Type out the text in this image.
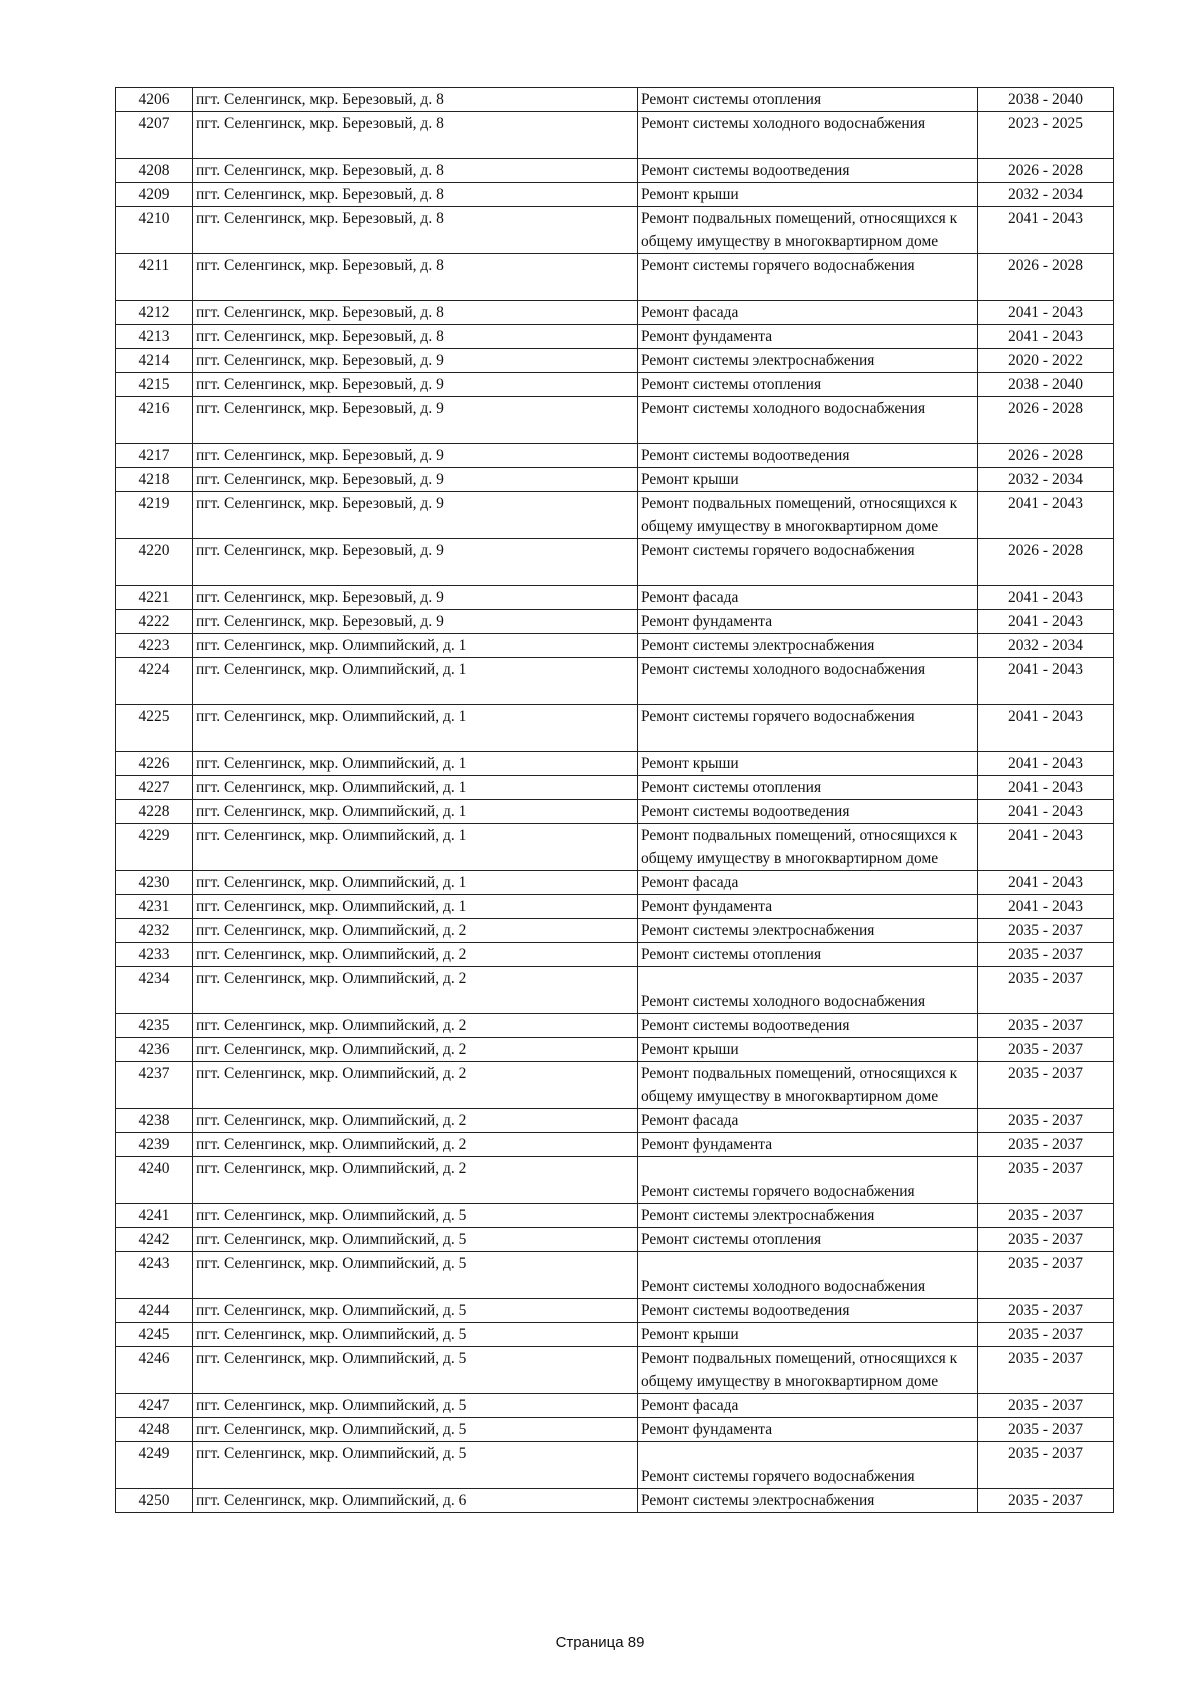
4206	пгт. Селенгинск, мкр. Березовый, д. 8	Ремонт системы отопления	2038 - 2040
4207	пгт. Селенгинск, мкр. Березовый, д. 8	Ремонт системы холодного водоснабжения	2023 - 2025
4208	пгт. Селенгинск, мкр. Березовый, д. 8	Ремонт системы водоотведения	2026 - 2028
4209	пгт. Селенгинск, мкр. Березовый, д. 8	Ремонт крыши	2032 - 2034
4210	пгт. Селенгинск, мкр. Березовый, д. 8	Ремонт подвальных помещений, относящихся к общему имуществу в многоквартирном доме	2041 - 2043
4211	пгт. Селенгинск, мкр. Березовый, д. 8	Ремонт системы горячего водоснабжения	2026 - 2028
4212	пгт. Селенгинск, мкр. Березовый, д. 8	Ремонт фасада	2041 - 2043
4213	пгт. Селенгинск, мкр. Березовый, д. 8	Ремонт фундамента	2041 - 2043
4214	пгт. Селенгинск, мкр. Березовый, д. 9	Ремонт системы электроснабжения	2020 - 2022
4215	пгт. Селенгинск, мкр. Березовый, д. 9	Ремонт системы отопления	2038 - 2040
4216	пгт. Селенгинск, мкр. Березовый, д. 9	Ремонт системы холодного водоснабжения	2026 - 2028
4217	пгт. Селенгинск, мкр. Березовый, д. 9	Ремонт системы водоотведения	2026 - 2028
4218	пгт. Селенгинск, мкр. Березовый, д. 9	Ремонт крыши	2032 - 2034
4219	пгт. Селенгинск, мкр. Березовый, д. 9	Ремонт подвальных помещений, относящихся к общему имуществу в многоквартирном доме	2041 - 2043
4220	пгт. Селенгинск, мкр. Березовый, д. 9	Ремонт системы горячего водоснабжения	2026 - 2028
4221	пгт. Селенгинск, мкр. Березовый, д. 9	Ремонт фасада	2041 - 2043
4222	пгт. Селенгинск, мкр. Березовый, д. 9	Ремонт фундамента	2041 - 2043
4223	пгт. Селенгинск, мкр. Олимпийский, д. 1	Ремонт системы электроснабжения	2032 - 2034
4224	пгт. Селенгинск, мкр. Олимпийский, д. 1	Ремонт системы холодного водоснабжения	2041 - 2043
4225	пгт. Селенгинск, мкр. Олимпийский, д. 1	Ремонт системы горячего водоснабжения	2041 - 2043
4226	пгт. Селенгинск, мкр. Олимпийский, д. 1	Ремонт крыши	2041 - 2043
4227	пгт. Селенгинск, мкр. Олимпийский, д. 1	Ремонт системы отопления	2041 - 2043
4228	пгт. Селенгинск, мкр. Олимпийский, д. 1	Ремонт системы водоотведения	2041 - 2043
4229	пгт. Селенгинск, мкр. Олимпийский, д. 1	Ремонт подвальных помещений, относящихся к общему имуществу в многоквартирном доме	2041 - 2043
4230	пгт. Селенгинск, мкр. Олимпийский, д. 1	Ремонт фасада	2041 - 2043
4231	пгт. Селенгинск, мкр. Олимпийский, д. 1	Ремонт фундамента	2041 - 2043
4232	пгт. Селенгинск, мкр. Олимпийский, д. 2	Ремонт системы электроснабжения	2035 - 2037
4233	пгт. Селенгинск, мкр. Олимпийский, д. 2	Ремонт системы отопления	2035 - 2037
4234	пгт. Селенгинск, мкр. Олимпийский, д. 2	Ремонт системы холодного водоснабжения	2035 - 2037
4235	пгт. Селенгинск, мкр. Олимпийский, д. 2	Ремонт системы водоотведения	2035 - 2037
4236	пгт. Селенгинск, мкр. Олимпийский, д. 2	Ремонт крыши	2035 - 2037
4237	пгт. Селенгинск, мкр. Олимпийский, д. 2	Ремонт подвальных помещений, относящихся к общему имуществу в многоквартирном доме	2035 - 2037
4238	пгт. Селенгинск, мкр. Олимпийский, д. 2	Ремонт фасада	2035 - 2037
4239	пгт. Селенгинск, мкр. Олимпийский, д. 2	Ремонт фундамента	2035 - 2037
4240	пгт. Селенгинск, мкр. Олимпийский, д. 2	Ремонт системы горячего водоснабжения	2035 - 2037
4241	пгт. Селенгинск, мкр. Олимпийский, д. 5	Ремонт системы электроснабжения	2035 - 2037
4242	пгт. Селенгинск, мкр. Олимпийский, д. 5	Ремонт системы отопления	2035 - 2037
4243	пгт. Селенгинск, мкр. Олимпийский, д. 5	Ремонт системы холодного водоснабжения	2035 - 2037
4244	пгт. Селенгинск, мкр. Олимпийский, д. 5	Ремонт системы водоотведения	2035 - 2037
4245	пгт. Селенгинск, мкр. Олимпийский, д. 5	Ремонт крыши	2035 - 2037
4246	пгт. Селенгинск, мкр. Олимпийский, д. 5	Ремонт подвальных помещений, относящихся к общему имуществу в многоквартирном доме	2035 - 2037
4247	пгт. Селенгинск, мкр. Олимпийский, д. 5	Ремонт фасада	2035 - 2037
4248	пгт. Селенгинск, мкр. Олимпийский, д. 5	Ремонт фундамента	2035 - 2037
4249	пгт. Селенгинск, мкр. Олимпийский, д. 5	Ремонт системы горячего водоснабжения	2035 - 2037
4250	пгт. Селенгинск, мкр. Олимпийский, д. 6	Ремонт системы электроснабжения	2035 - 2037
Страница 89
